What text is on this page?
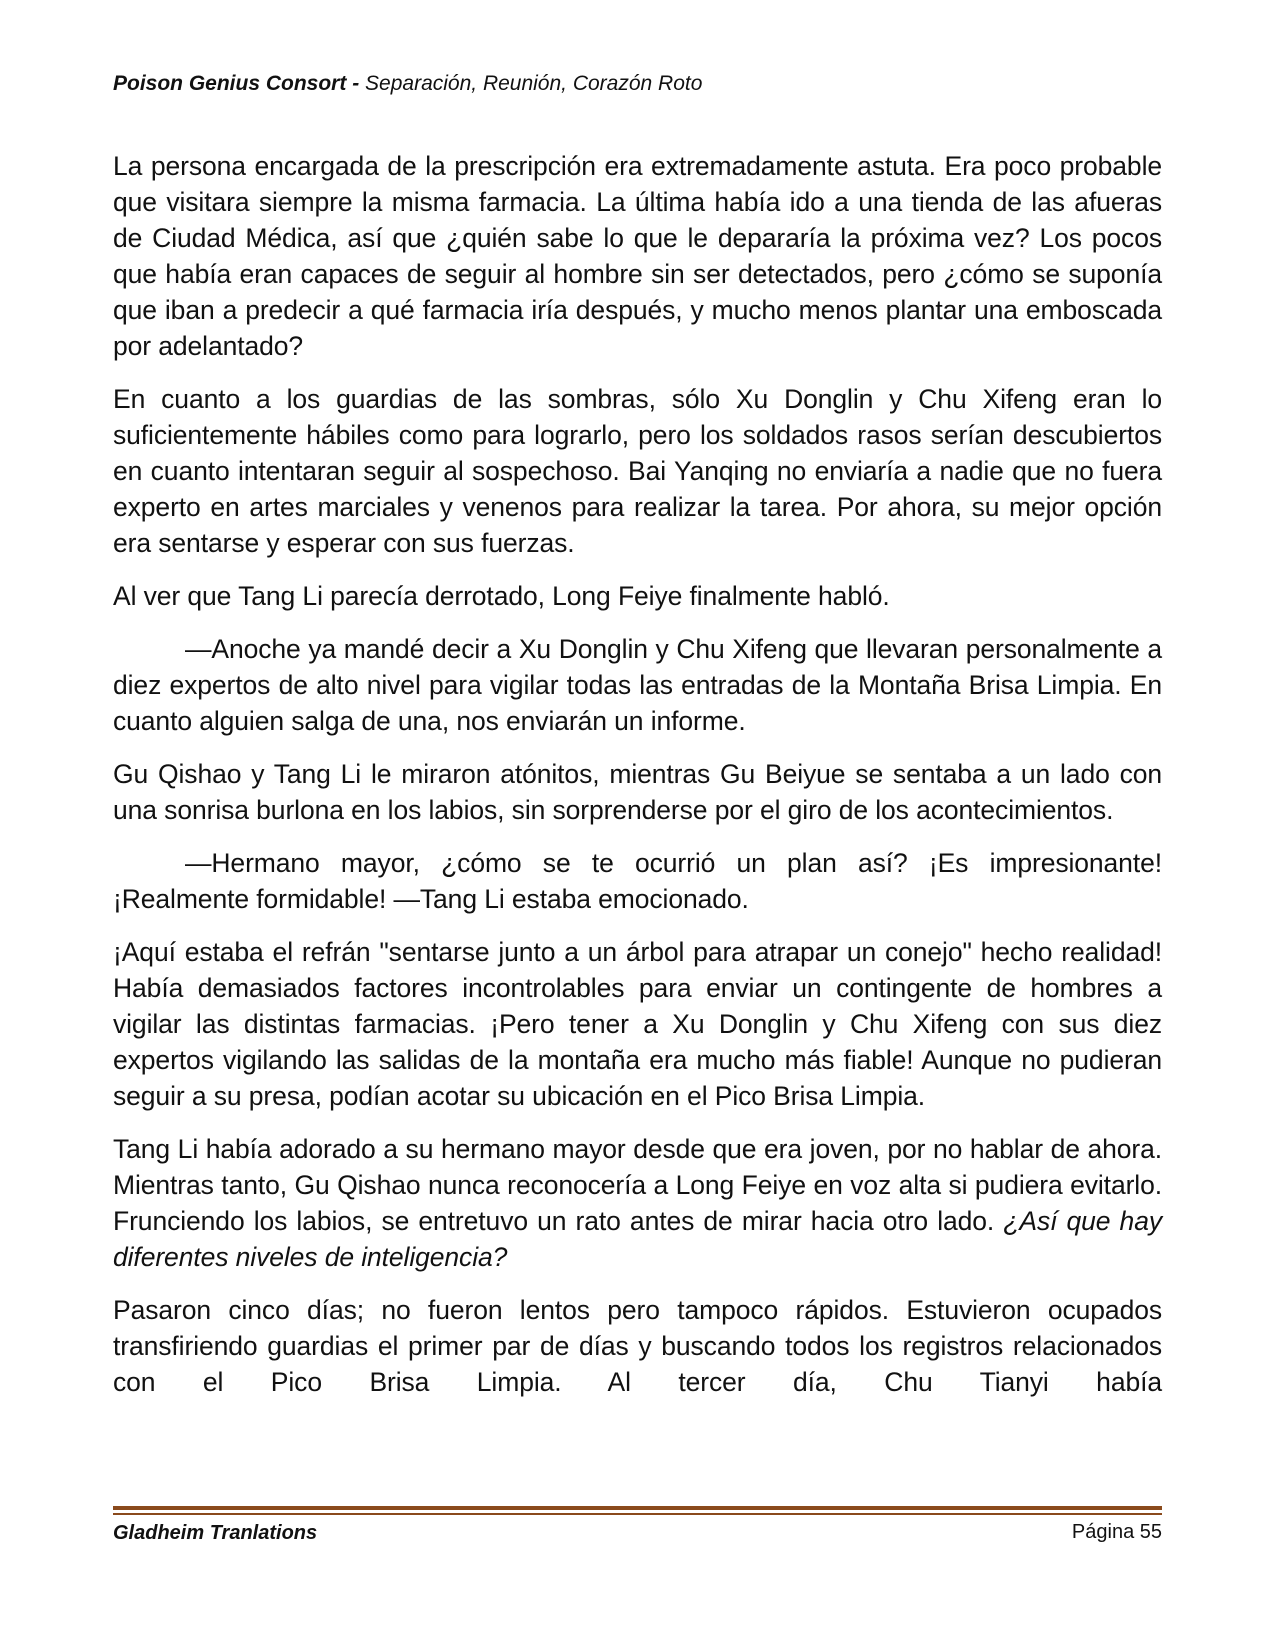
Poison Genius Consort - Separación, Reunión, Corazón Roto

La persona encargada de la prescripción era extremadamente astuta. Era poco probable que visitara siempre la misma farmacia. La última había ido a una tienda de las afueras de Ciudad Médica, así que ¿quién sabe lo que le depararía la próxima vez? Los pocos que había eran capaces de seguir al hombre sin ser detectados, pero ¿cómo se suponía que iban a predecir a qué farmacia iría después, y mucho menos plantar una emboscada por adelantado?

En cuanto a los guardias de las sombras, sólo Xu Donglin y Chu Xifeng eran lo suficientemente hábiles como para lograrlo, pero los soldados rasos serían descubiertos en cuanto intentaran seguir al sospechoso. Bai Yanqing no enviaría a nadie que no fuera experto en artes marciales y venenos para realizar la tarea. Por ahora, su mejor opción era sentarse y esperar con sus fuerzas.

Al ver que Tang Li parecía derrotado, Long Feiye finalmente habló.

—Anoche ya mandé decir a Xu Donglin y Chu Xifeng que llevaran personalmente a diez expertos de alto nivel para vigilar todas las entradas de la Montaña Brisa Limpia. En cuanto alguien salga de una, nos enviarán un informe.

Gu Qishao y Tang Li le miraron atónitos, mientras Gu Beiyue se sentaba a un lado con una sonrisa burlona en los labios, sin sorprenderse por el giro de los acontecimientos.

—Hermano mayor, ¿cómo se te ocurrió un plan así? ¡Es impresionante! ¡Realmente formidable! —Tang Li estaba emocionado.

¡Aquí estaba el refrán "sentarse junto a un árbol para atrapar un conejo" hecho realidad! Había demasiados factores incontrolables para enviar un contingente de hombres a vigilar las distintas farmacias. ¡Pero tener a Xu Donglin y Chu Xifeng con sus diez expertos vigilando las salidas de la montaña era mucho más fiable! Aunque no pudieran seguir a su presa, podían acotar su ubicación en el Pico Brisa Limpia.

Tang Li había adorado a su hermano mayor desde que era joven, por no hablar de ahora. Mientras tanto, Gu Qishao nunca reconocería a Long Feiye en voz alta si pudiera evitarlo. Frunciendo los labios, se entretuvo un rato antes de mirar hacia otro lado. ¿Así que hay diferentes niveles de inteligencia?

Pasaron cinco días; no fueron lentos pero tampoco rápidos. Estuvieron ocupados transfiriendo guardias el primer par de días y buscando todos los registros relacionados con el Pico Brisa Limpia. Al tercer día, Chu Tianyi había

Gladheim Tranlations	Página 55
